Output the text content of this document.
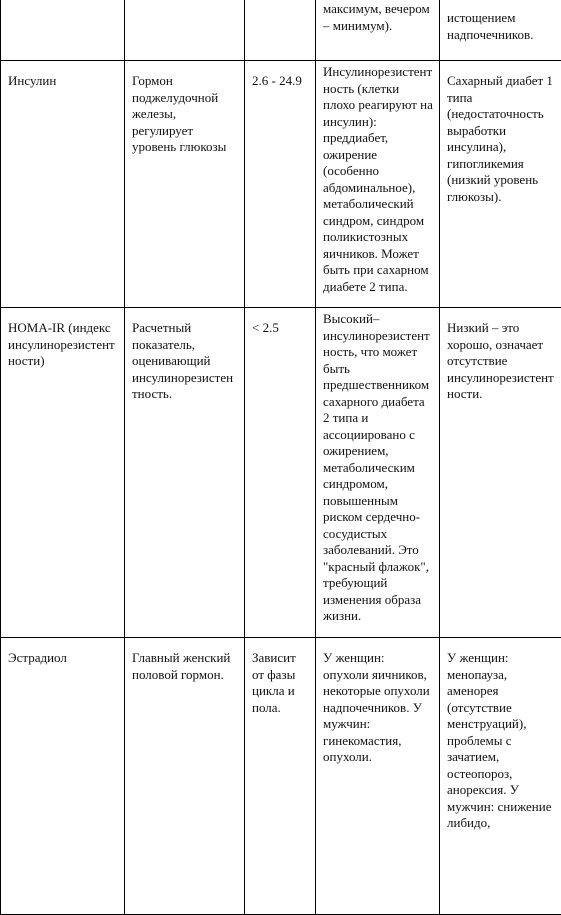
			максимум, вечером – минимум).	истощением надпочечников.

Инсулин	Гормон поджелудочной железы, регулирует уровень глюкозы	2.6 - 24.9	Инсулинорезистентность (клетки плохо реагируют на инсулин): преддиабет, ожирение (особенно абдоминальное), метаболический синдром, синдром поликистозных яичников. Может быть при сахарном диабете 2 типа.	Сахарный диабет 1 типа (недостаточность выработки инсулина), гипогликемия (низкий уровень глюкозы).

HOMA-IR (индекс инсулинорезистентности)	Расчетный показатель, оценивающий инсулинорезистентность.	< 2.5	Высокий– инсулинорезистентность, что может быть предшественником сахарного диабета 2 типа и ассоциировано с ожирением, метаболическим синдромом, повышенным риском сердечно-сосудистых заболеваний. Это "красный флажок", требующий изменения образа жизни.	Низкий – это хорошо, означает отсутствие инсулинорезистентности.

Эстрадиол	Главный женский половой гормон.	Зависит от фазы цикла и пола.	У женщин: опухоли яичников, некоторые опухоли надпочечников. У мужчин: гинекомастия, опухоли.	У женщин: менопауза, аменорея (отсутствие менструаций), проблемы с зачатием, остеопороз, анорексия. У мужчин: снижение либидо,
